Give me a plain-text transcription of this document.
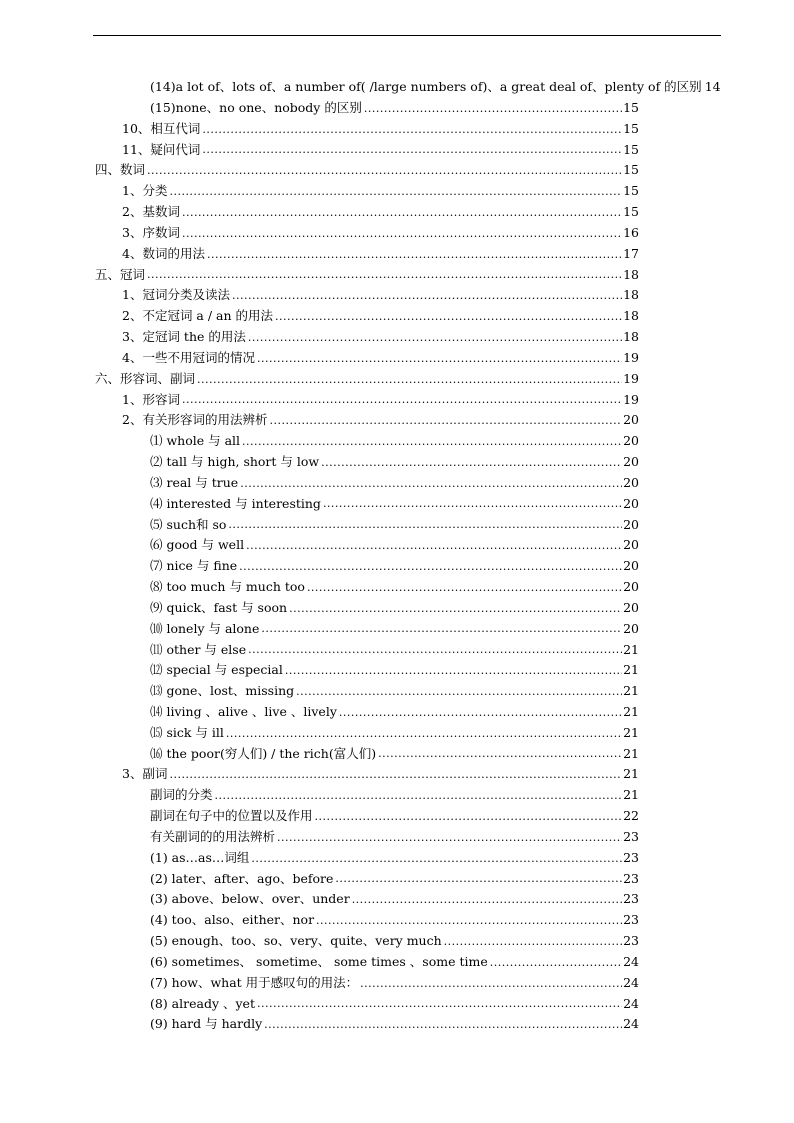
(14)a lot of、lots of、a number of( /large numbers of)、a great deal of、plenty of 的区别 14
(15)none、no one、nobody 的区别 .....	15
10、相互代词 .....	15
11、疑问代词 .....	15
四、数词 .....	15
1、分类 .....	15
2、基数词 .....	15
3、序数词 .....	16
4、数词的用法 .....	17
五、冠词 .....	18
1、冠词分类及读法 .....	18
2、不定冠词 a / an 的用法 .....	18
3、定冠词 the 的用法 .....	18
4、一些不用冠词的情况 .....	19
六、形容词、副词 .....	19
1、形容词 .....	19
2、有关形容词的用法辨析 .....	20
⑴ whole 与 all .....	20
⑵ tall 与 high, short 与 low .....	20
⑶ real 与 true .....	20
⑷ interested 与 interesting .....	20
⑸ such和 so .....	20
⑹ good 与 well .....	20
⑺ nice 与 fine .....	20
⑻ too much 与 much too .....	20
⑼ quick、fast 与 soon .....	20
⑽ lonely 与 alone .....	20
⑾ other 与 else .....	21
⑿ special 与 especial .....	21
⒀ gone、lost、missing .....	21
⒁ living 、alive 、live 、lively .....	21
⒂ sick 与 ill .....	21
⒃ the poor(穷人们) / the rich(富人们) .....	21
3、副词 .....	21
副词的分类 .....	21
副词在句子中的位置以及作用 .....	22
有关副词的的用法辨析 .....	23
(1) as…as…词组 .....	23
(2) later、after、ago、before .....	23
(3) above、below、over、under .....	23
(4) too、also、either、nor .....	23
(5) enough、too、so、very、quite、very much .....	23
(6) sometimes、 sometime、 some times 、some time .....	24
(7) how、what 用于感叹句的用法： .....	24
(8) already 、yet .....	24
(9) hard 与 hardly .....	24
